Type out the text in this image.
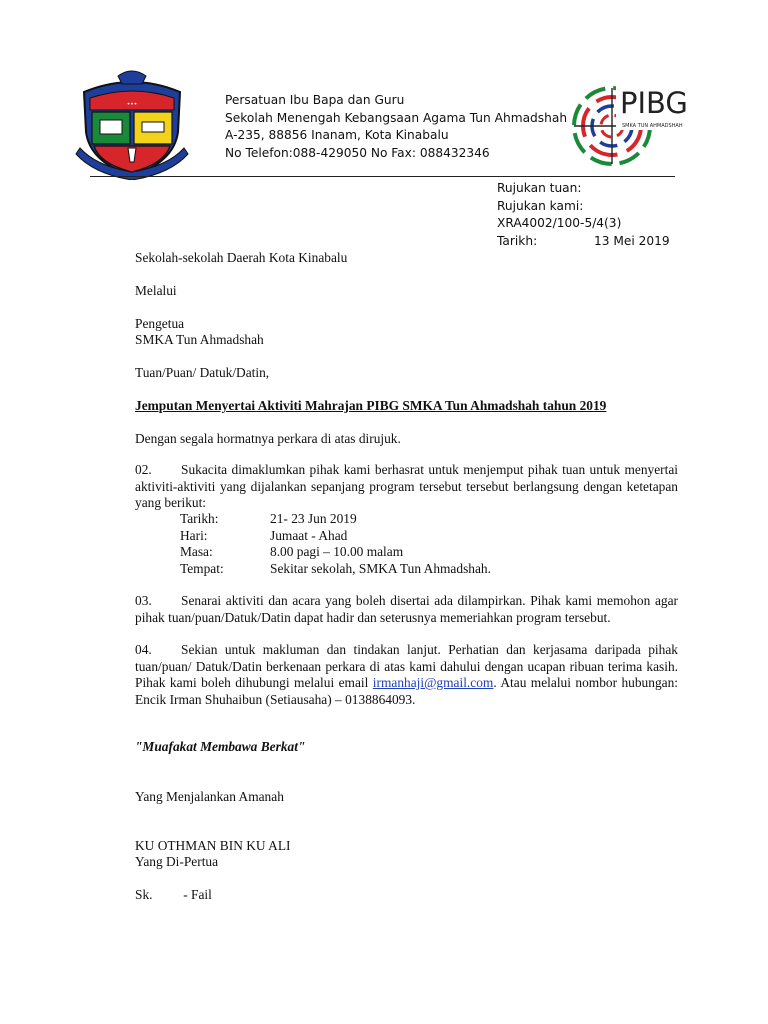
•••	Persatuan Ibu Bapa dan Guru
Sekolah Menengah Kebangsaan Agama Tun Ahmadshah
A-235, 88856 Inanam, Kota Kinabalu
No Telefon:088-429050 No Fax: 088432346
PIBG
SMKA TUN AHMADSHAH
Rujukan tuan:
Rujukan kami:
XRA4002/100-5/4(3)
Tarikh:	13 Mei 2019
Sekolah-sekolah Daerah Kota Kinabalu
Melalui
Pengetua
SMKA Tun Ahmadshah
Tuan/Puan/ Datuk/Datin,
Jemputan Menyertai Aktiviti Mahrajan PIBG SMKA Tun Ahmadshah tahun 2019
Dengan segala hormatnya perkara di atas dirujuk.
02. Sukacita dimaklumkan pihak kami berhasrat untuk menjemput pihak tuan untuk menyertai aktiviti-aktiviti yang dijalankan sepanjang program tersebut tersebut berlangsung dengan ketetapan yang berikut:
Tarikh:	21- 23 Jun 2019
Hari:	Jumaat - Ahad
Masa:	8.00 pagi – 10.00 malam
Tempat:	Sekitar sekolah, SMKA Tun Ahmadshah.
03. Senarai aktiviti dan acara yang boleh disertai ada dilampirkan. Pihak kami memohon agar pihak tuan/puan/Datuk/Datin dapat hadir dan seterusnya memeriahkan program tersebut.
04. Sekian untuk makluman dan tindakan lanjut. Perhatian dan kerjasama daripada pihak tuan/puan/ Datuk/Datin berkenaan perkara di atas kami dahului dengan ucapan ribuan terima kasih. Pihak kami boleh dihubungi melalui email irmanhaji@gmail.com. Atau melalui nombor hubungan: Encik Irman Shuhaibun (Setiausaha) – 0138864093.
"Muafakat Membawa Berkat"
Yang Menjalankan Amanah
KU OTHMAN BIN KU ALI
Yang Di-Pertua
Sk. - Fail
